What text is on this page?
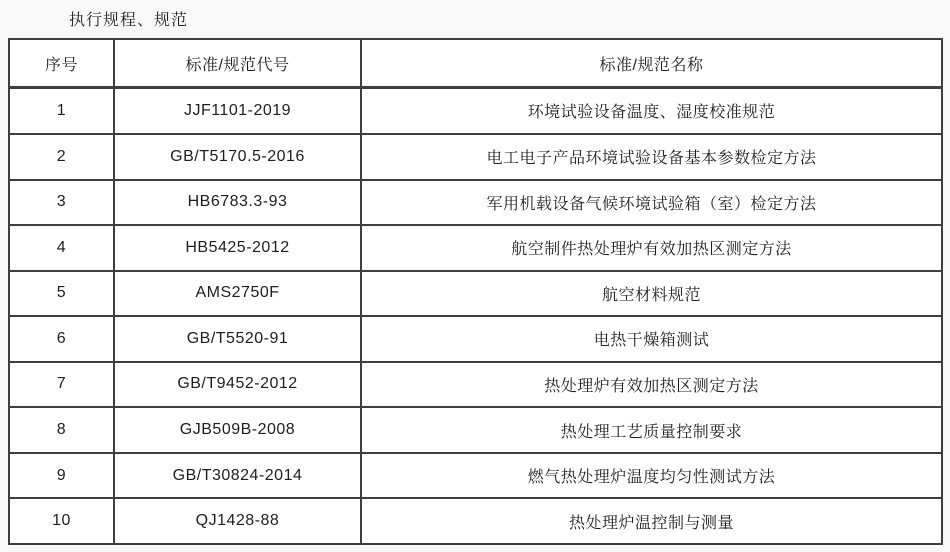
执行规程、规范
序号	标准/规范代号	标准/规范名称
1	JJF1101-2019	环境试验设备温度、湿度校准规范
2	GB/T5170.5-2016	电工电子产品环境试验设备基本参数检定方法
3	HB6783.3-93	军用机载设备气候环境试验箱（室）检定方法
4	HB5425-2012	航空制件热处理炉有效加热区测定方法
5	AMS2750F	航空材料规范
6	GB/T5520-91	电热干燥箱测试
7	GB/T9452-2012	热处理炉有效加热区测定方法
8	GJB509B-2008	热处理工艺质量控制要求
9	GB/T30824-2014	燃气热处理炉温度均匀性测试方法
10	QJ1428-88	热处理炉温控制与测量
